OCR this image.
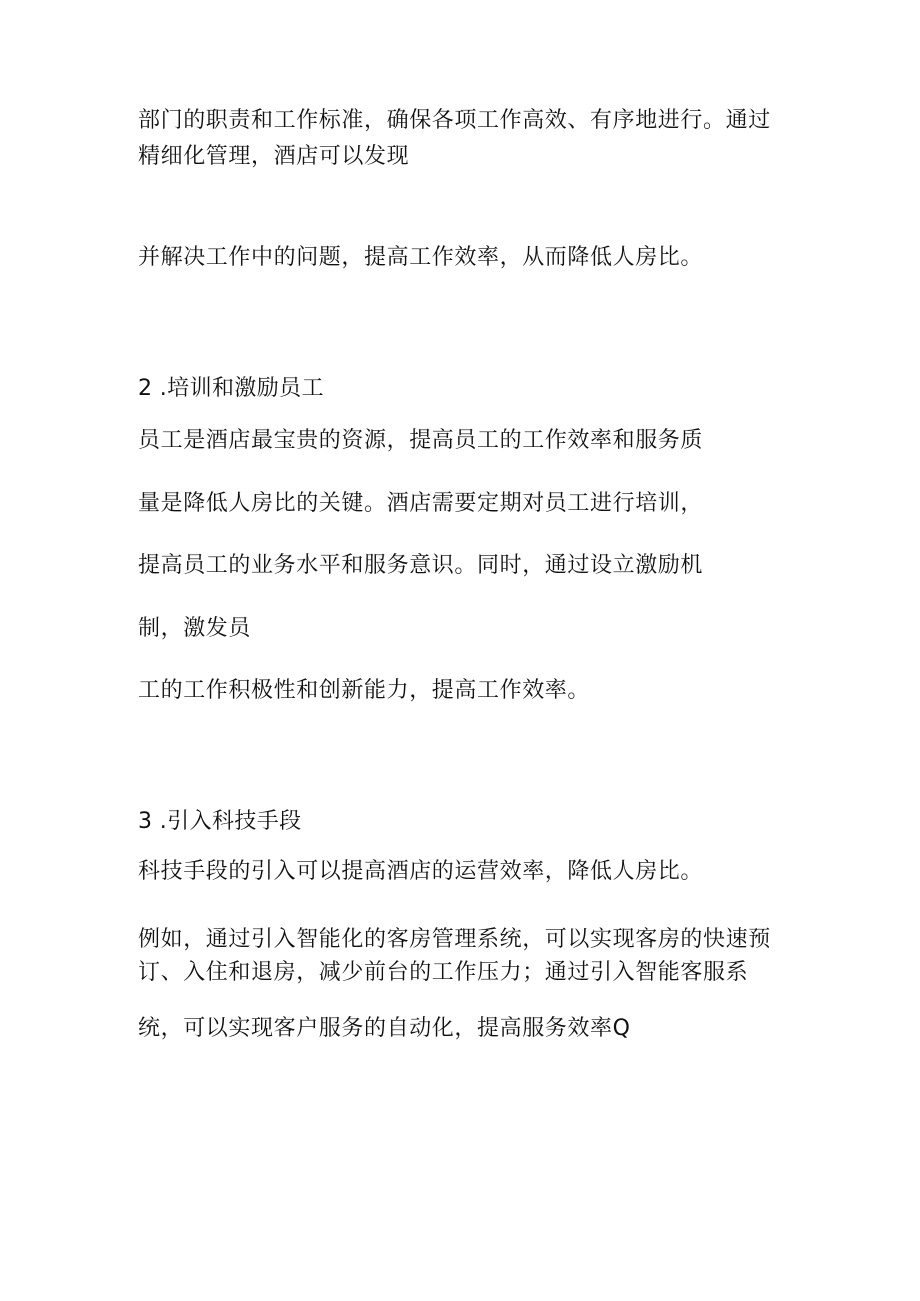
部门的职责和工作标准，确保各项工作高效、有序地进行。通过

精细化管理，酒店可以发现

并解决工作中的问题，提高工作效率，从而降低人房比。

2 .培训和激励员工

员工是酒店最宝贵的资源，提高员工的工作效率和服务质

量是降低人房比的关键。酒店需要定期对员工进行培训，

提高员工的业务水平和服务意识。同时，通过设立激励机

制，激发员

工的工作积极性和创新能力，提高工作效率。

3 .引入科技手段

科技手段的引入可以提高酒店的运营效率，降低人房比。

例如，通过引入智能化的客房管理系统，可以实现客房的快速预

订、入住和退房，减少前台的工作压力；通过引入智能客服系

统，可以实现客户服务的自动化，提高服务效率Q
